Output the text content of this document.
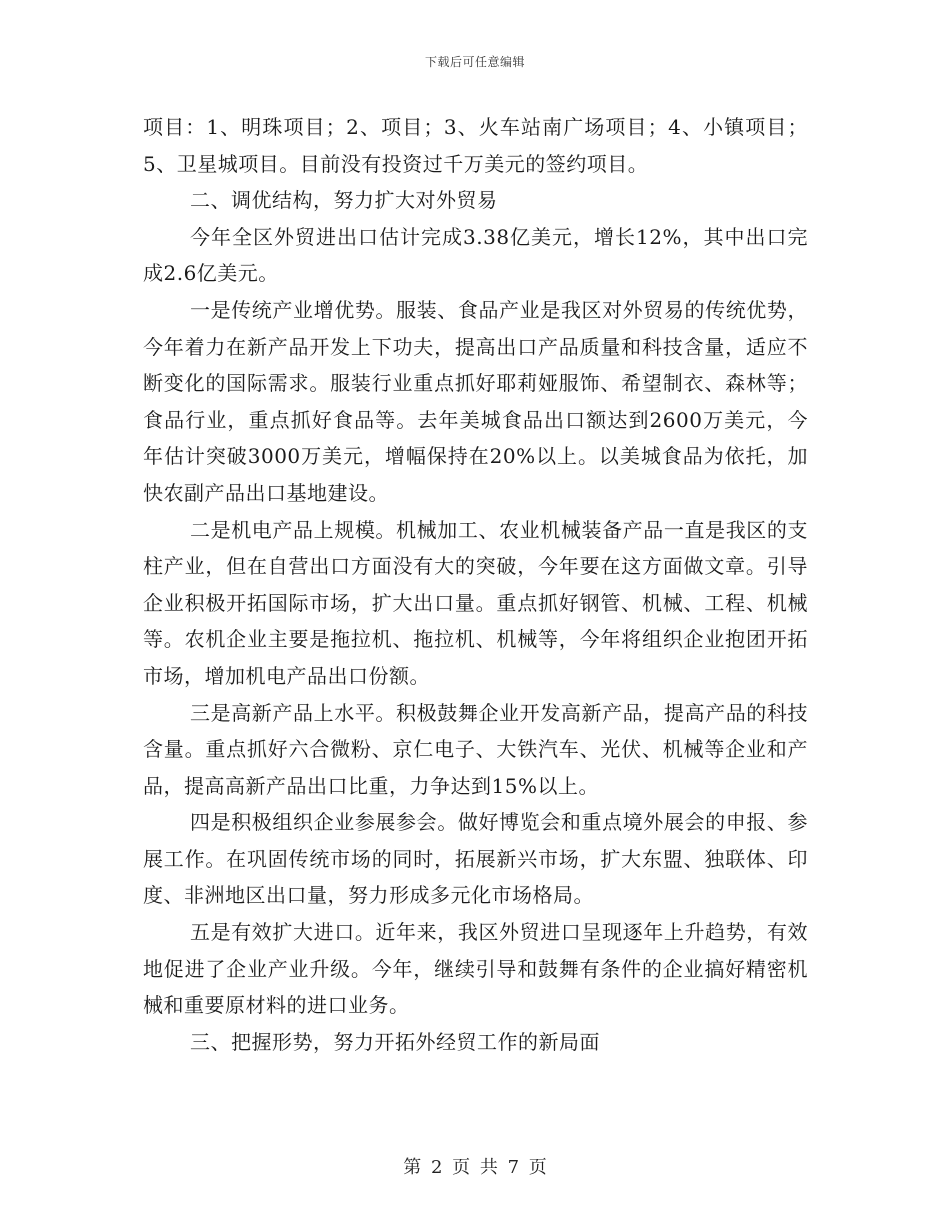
下载后可任意编辑

项目：1、明珠项目；2、项目；3、火车站南广场项目；4、小镇项目；5、卫星城项目。目前没有投资过千万美元的签约项目。

二、调优结构，努力扩大对外贸易

今年全区外贸进出口估计完成3.38亿美元，增长12%，其中出口完成2.6亿美元。

一是传统产业增优势。服装、食品产业是我区对外贸易的传统优势，今年着力在新产品开发上下功夫，提高出口产品质量和科技含量，适应不断变化的国际需求。服装行业重点抓好耶莉娅服饰、希望制衣、森林等；食品行业，重点抓好食品等。去年美城食品出口额达到2600万美元，今年估计突破3000万美元，增幅保持在20%以上。以美城食品为依托，加快农副产品出口基地建设。

二是机电产品上规模。机械加工、农业机械装备产品一直是我区的支柱产业，但在自营出口方面没有大的突破，今年要在这方面做文章。引导企业积极开拓国际市场，扩大出口量。重点抓好钢管、机械、工程、机械等。农机企业主要是拖拉机、拖拉机、机械等，今年将组织企业抱团开拓市场，增加机电产品出口份额。

三是高新产品上水平。积极鼓舞企业开发高新产品，提高产品的科技含量。重点抓好六合微粉、京仁电子、大铁汽车、光伏、机械等企业和产品，提高高新产品出口比重，力争达到15%以上。

四是积极组织企业参展参会。做好博览会和重点境外展会的申报、参展工作。在巩固传统市场的同时，拓展新兴市场，扩大东盟、独联体、印度、非洲地区出口量，努力形成多元化市场格局。

五是有效扩大进口。近年来，我区外贸进口呈现逐年上升趋势，有效地促进了企业产业升级。今年，继续引导和鼓舞有条件的企业搞好精密机械和重要原材料的进口业务。

三、把握形势，努力开拓外经贸工作的新局面

第 2 页 共 7 页
